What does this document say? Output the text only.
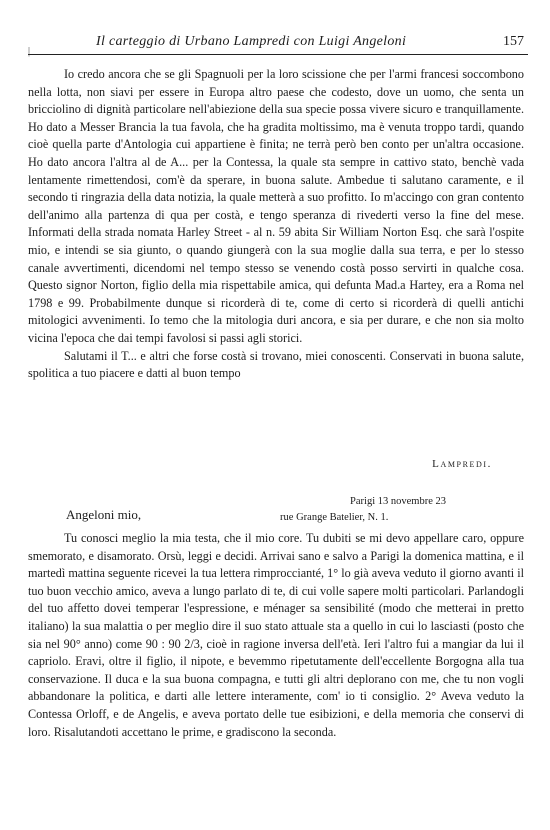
|
Il carteggio di Urbano Lampredi con Luigi Angeloni	157

Io credo ancora che se gli Spagnuoli per la loro scissione che per l'armi francesi soccombono nella lotta, non siavi per essere in Europa altro paese che codesto, dove un uomo, che senta un bricciolino di dignità particolare nell'abiezione della sua specie possa vivere sicuro e tranquillamente. Ho dato a Messer Brancia la tua favola, che ha gradita moltissimo, ma è venuta troppo tardi, quando cioè quella parte d'Antologia cui appartiene è finita; ne terrà però ben conto per un'altra occasione. Ho dato ancora l'altra al de A... per la Contessa, la quale sta sempre in cattivo stato, benchè vada lentamente rimettendosi, com'è da sperare, in buona salute. Ambedue ti salutano caramente, e il secondo ti ringrazia della data notizia, la quale metterà a suo profitto. Io m'accingo con gran contento dell'animo alla partenza di qua per costà, e tengo speranza di rivederti verso la fine del mese. Informati della strada nomata Harley Street - al n. 59 abita Sir William Norton Esq. che sarà l'ospite mio, e intendi se sia giunto, o quando giungerà con la sua moglie dalla sua terra, e per lo stesso canale avvertimenti, dicendomi nel tempo stesso se venendo costà posso servirti in qualche cosa. Questo signor Norton, figlio della mia rispettabile amica, qui defunta Mad.a Hartey, era a Roma nel 1798 e 99. Probabilmente dunque si ricorderà di te, come di certo si ricorderà di quelli antichi mitologici avvenimenti. Io temo che la mitologia duri ancora, e sia per durare, e che non sia molto vicina l'epoca che dai tempi favolosi si passi agli storici.

Salutami il T... e altri che forse costà si trovano, miei conoscenti. Conservati in buona salute, spolitica a tuo piacere e datti al buon tempo

Lampredi.
Parigi 13 novembre 23
rue Grange Batelier, N. 1.
Angeloni mio,

Tu conosci meglio la mia testa, che il mio core. Tu dubiti se mi devo appellare caro, oppure smemorato, e disamorato. Orsù, leggi e decidi. Arrivai sano e salvo a Parigi la domenica mattina, e il martedì mattina seguente ricevei la tua lettera rimproccianté, 1° lo già aveva veduto il giorno avanti il tuo buon vecchio amico, aveva a lungo parlato di te, di cui volle sapere molti particolari. Parlandogli del tuo affetto dovei temperar l'espressione, e ménager sa sensibilité (modo che metterai in pretto italiano) la sua malattia o per meglio dire il suo stato attuale sta a quello in cui lo lasciasti (posto che sia nel 90° anno) come 90 : 90 2/3, cioè in ragione inversa dell'età. Ieri l'altro fui a mangiar da lui il capriolo. Eravi, oltre il figlio, il nipote, e bevemmo ripetutamente dell'eccellente Borgogna alla tua conservazione. Il duca e la sua buona compagna, e tutti gli altri deplorano con me, che tu non vogli abbandonare la politica, e darti alle lettere interamente, com' io ti consiglio. 2° Aveva veduto la Contessa Orloff, e de Angelis, e aveva portato delle tue esibizioni, e della memoria che conservi di loro. Risalutandoti accettano le prime, e gradiscono la seconda.
